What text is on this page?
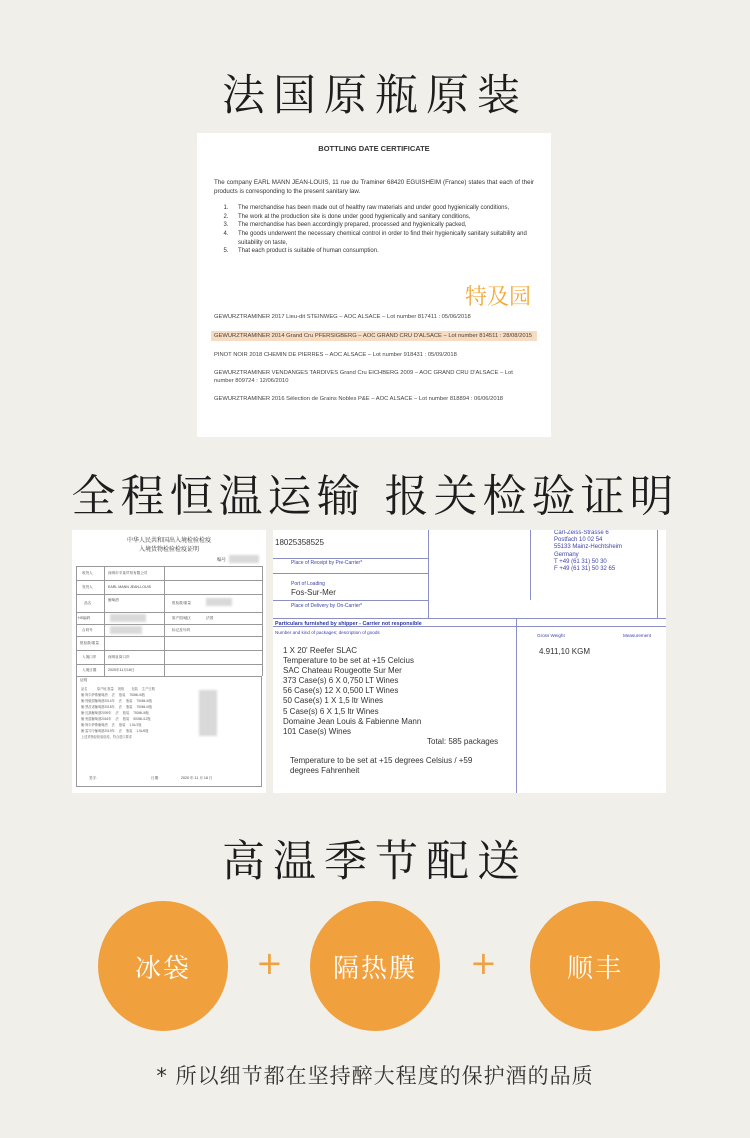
法国原瓶原装
BOTTLING DATE CERTIFICATE
The company EARL MANN JEAN-LOUIS, 11 rue du Traminer 68420 EGUISHEIM (France) states that each of their products is corresponding to the present sanitary law.
1.	The merchandise has been made out of healthy raw materials and under good hygienically conditions,
2.	The work at the production site is done under good hygienically and sanitary conditions,
3.	The merchandise has been accordingly prepared, processed and hygienically packed,
4.	The goods underwent the necessary chemical control in order to find their hygienically sanitary suitability and suitability on taste,
5.	That each product is suitable of human consumption.
特及园
GEWURZTRAMINER 2017 Lieu-dit STEINWEG – AOC ALSACE – Lot number 817411 : 05/06/2018
GEWURZTRAMINER 2014 Grand Cru PFERSIGBERG – AOC GRAND CRU D'ALSACE – Lot number 814511 : 28/08/2015
PINOT NOIR 2018 CHEMIN DE PIERRES – AOC ALSACE – Lot number 918431 : 05/09/2018
GEWURZTRAMINER VENDANGES TARDIVES Grand Cru EICHBERG 2009 – AOC GRAND CRU D'ALSACE – Lot number 809724 : 12/06/2010
GEWURZTRAMINER 2016 Sélection de Grains Nobles P&E – AOC ALSACE – Lot number 818894 : 06/06/2018
全程恒温运输 报关检验证明
中华人民共和国出入境检验检疫
入境货物检验检疫证明
编号
收货人	深圳市辛某贸易有限公司
发货人	EARL MANN JEAN-LOUIS
品名
葡萄酒
报检数/重量
HS编码	原产国/地区	法国
合同号	标记及号码
报检数/重量
入境口岸	深圳皇岗口岸
入境日期	2020年11月18日
证明
品名　　　原产地 数量　 规格　　 包装　 生产日期
葡·阿尔萨斯葡萄酒　 法　 瓶装　 750ML/6瓶
葡·特级园葡萄酒2014年　 法　 瓶装　 750ML/6瓶
葡·黑皮诺葡萄酒2018年　 法　 瓶装　 750ML/6瓶
葡·迟摘葡萄酒2009年　 法　 瓶装　 750ML/6瓶
葡·贵腐葡萄酒2016年　 法　 瓶装　 500ML/12瓶
葡·阿尔萨斯葡萄酒　 法　 瓶装　 1.5L/1瓶
葡·雷司令葡萄酒2019年　 法　 瓶装　 1.5L/6瓶
上述货物经检验检疫，符合进口要求
签字：	日期：	2020 年 11 月 18 日
18025358525
Place of Receipt by Pre-Carrier*
Port of Loading
Fos-Sur-Mer
Place of Delivery by On-Carrier*
Carl-Zeiss-Strasse 6
Postfach 10 02 54
55133 Mainz-Hechtsheim
Germany
T +49 (61 31) 50 30
F +49 (61 31) 50 32 65
Particulars furnished by shipper - Carrier not responsible
Number and kind of packages; description of goods
Gross Weight	Measurement
4.911,10 KGM
1 X 20' Reefer SLAC
Temperature to be set at +15 Celcius
SAC Chateau Rougeotte Sur Mer
373 Case(s) 6 X 0,750 LT Wines
56 Case(s) 12 X 0,500 LT Wines
50 Case(s) 1 X 1,5 ltr Wines
5 Case(s) 6 X 1,5 ltr Wines
Domaine Jean Louis & Fabienne Mann
101 Case(s) Wines
Total: 585 packages
Temperature to be set at +15 degrees Celsius / +59
degrees Fahrenheit
高温季节配送
冰袋	+	隔热膜	+	顺丰
* 所以细节都在坚持醉大程度的保护酒的品质
